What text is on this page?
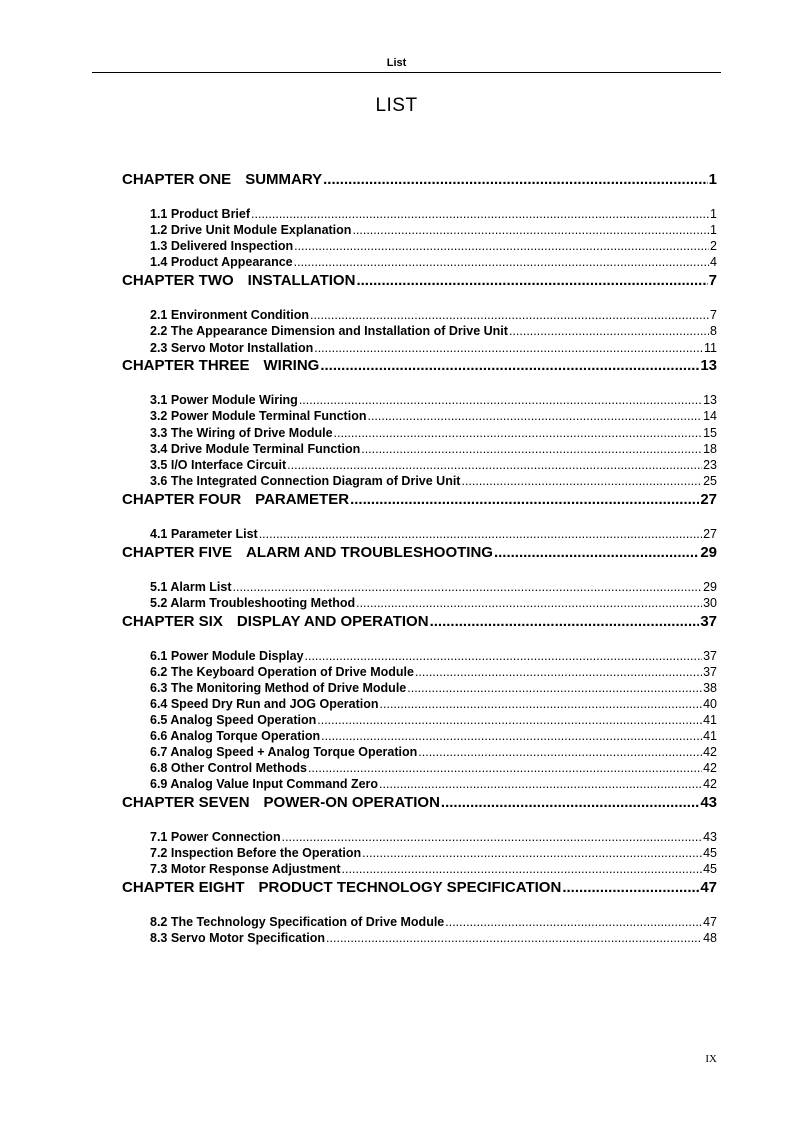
List
LIST
CHAPTER ONE SUMMARY .....	1
1.1 Product Brief .....	1
1.2 Drive Unit Module Explanation .....	1
1.3 Delivered Inspection .....	2
1.4 Product Appearance .....	4
CHAPTER TWO INSTALLATION .....	7
2.1 Environment Condition .....	7
2.2 The Appearance Dimension and Installation of Drive Unit .....	8
2.3 Servo Motor Installation .....	11
CHAPTER THREE WIRING .....	13
3.1 Power Module Wiring .....	13
3.2 Power Module Terminal Function .....	14
3.3 The Wiring of Drive Module .....	15
3.4 Drive Module Terminal Function .....	18
3.5 I/O Interface Circuit .....	23
3.6 The Integrated Connection Diagram of Drive Unit .....	25
CHAPTER FOUR PARAMETER .....	27
4.1 Parameter List .....	27
CHAPTER FIVE ALARM AND TROUBLESHOOTING .....	29
5.1 Alarm List .....	29
5.2 Alarm Troubleshooting Method .....	30
CHAPTER SIX DISPLAY AND OPERATION .....	37
6.1 Power Module Display .....	37
6.2 The Keyboard Operation of Drive Module .....	37
6.3 The Monitoring Method of Drive Module .....	38
6.4 Speed Dry Run and JOG Operation .....	40
6.5 Analog Speed Operation .....	41
6.6 Analog Torque Operation .....	41
6.7 Analog Speed + Analog Torque Operation .....	42
6.8 Other Control Methods .....	42
6.9 Analog Value Input Command Zero .....	42
CHAPTER SEVEN POWER-ON OPERATION .....	43
7.1 Power Connection .....	43
7.2 Inspection Before the Operation .....	45
7.3 Motor Response Adjustment .....	45
CHAPTER EIGHT PRODUCT TECHNOLOGY SPECIFICATION .....	47
8.2 The Technology Specification of Drive Module .....	47
8.3 Servo Motor Specification .....	48
IX
